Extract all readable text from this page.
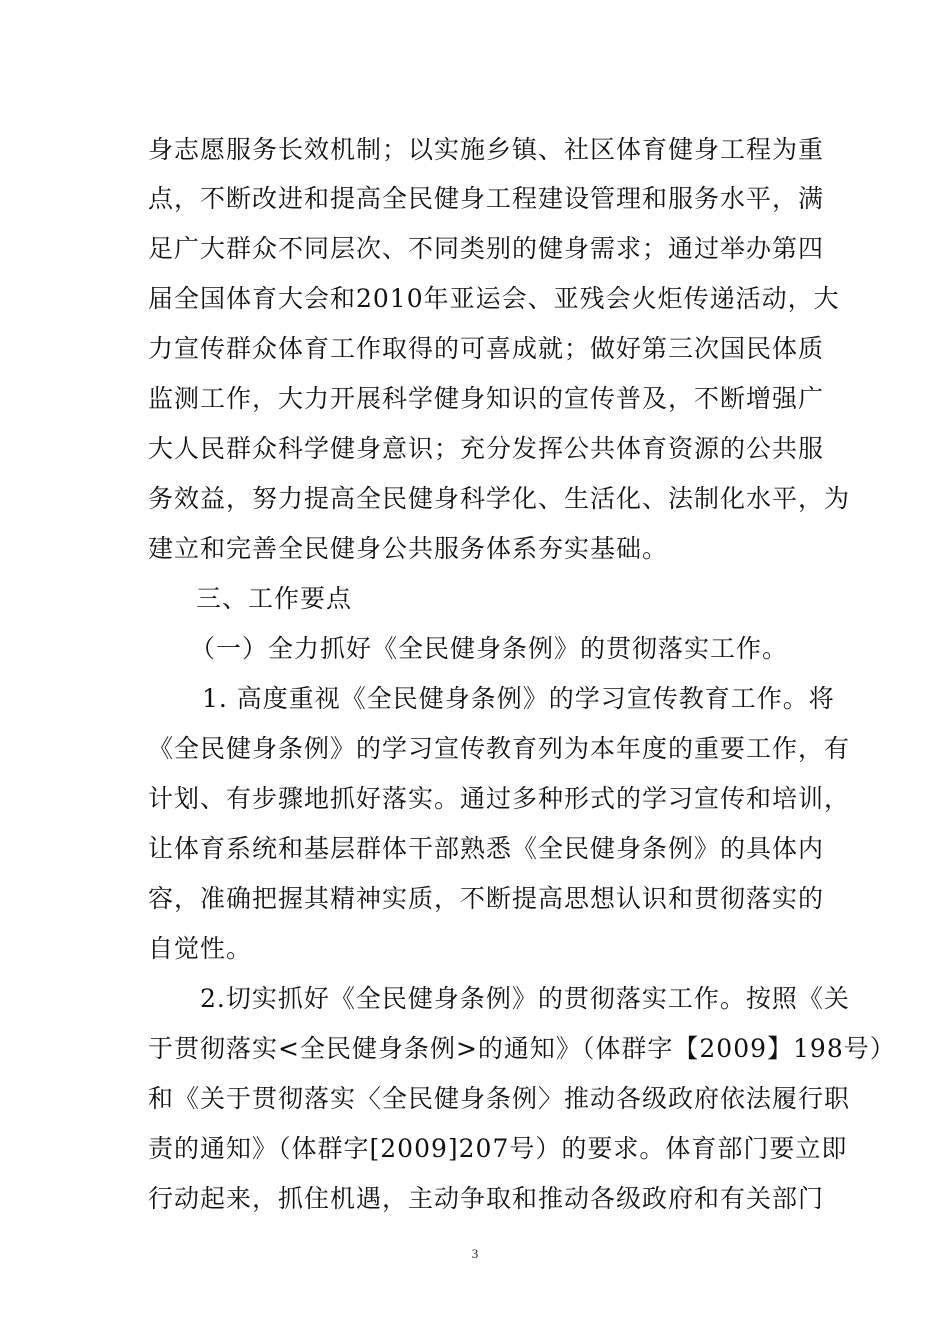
身志愿服务长效机制；以实施乡镇、社区体育健身工程为重
点，不断改进和提高全民健身工程建设管理和服务水平，满
足广大群众不同层次、不同类别的健身需求；通过举办第四
届全国体育大会和2010年亚运会、亚残会火炬传递活动，大
力宣传群众体育工作取得的可喜成就；做好第三次国民体质
监测工作，大力开展科学健身知识的宣传普及，不断增强广
大人民群众科学健身意识；充分发挥公共体育资源的公共服
务效益，努力提高全民健身科学化、生活化、法制化水平，为
建立和完善全民健身公共服务体系夯实基础。
三、工作要点
（一）全力抓好《全民健身条例》的贯彻落实工作。
1. 高度重视《全民健身条例》的学习宣传教育工作。将
《全民健身条例》的学习宣传教育列为本年度的重要工作，有
计划、有步骤地抓好落实。通过多种形式的学习宣传和培训，
让体育系统和基层群体干部熟悉《全民健身条例》的具体内
容，准确把握其精神实质，不断提高思想认识和贯彻落实的
自觉性。
2.切实抓好《全民健身条例》的贯彻落实工作。按照《关
于贯彻落实<全民健身条例>的通知》（体群字【2009】198号）
和《关于贯彻落实〈全民健身条例〉推动各级政府依法履行职
责的通知》（体群字[2009]207号）的要求。体育部门要立即
行动起来，抓住机遇，主动争取和推动各级政府和有关部门
3
